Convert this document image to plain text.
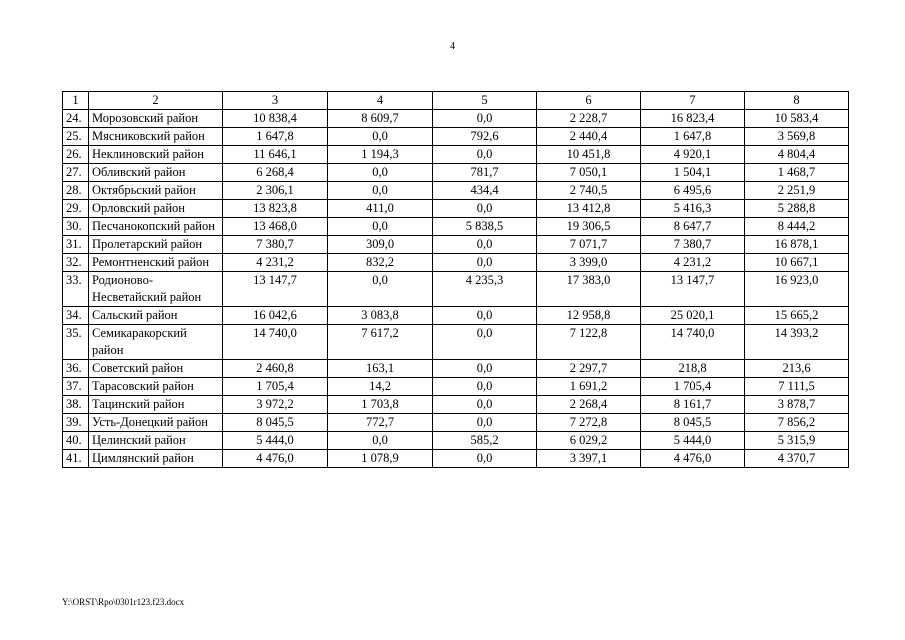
4
1	2	3	4	5	6	7	8
24.	Морозовский район	10 838,4	8 609,7	0,0	2 228,7	16 823,4	10 583,4
25.	Мясниковский район	1 647,8	0,0	792,6	2 440,4	1 647,8	3 569,8
26.	Неклиновский район	11 646,1	1 194,3	0,0	10 451,8	4 920,1	4 804,4
27.	Обливский район	6 268,4	0,0	781,7	7 050,1	1 504,1	1 468,7
28.	Октябрьский район	2 306,1	0,0	434,4	2 740,5	6 495,6	2 251,9
29.	Орловский район	13 823,8	411,0	0,0	13 412,8	5 416,3	5 288,8
30.	Песчанокопский район	13 468,0	0,0	5 838,5	19 306,5	8 647,7	8 444,2
31.	Пролетарский район	7 380,7	309,0	0,0	7 071,7	7 380,7	16 878,1
32.	Ремонтненский район	4 231,2	832,2	0,0	3 399,0	4 231,2	10 667,1
33.	Родионово-Несветайский район	13 147,7	0,0	4 235,3	17 383,0	13 147,7	16 923,0
34.	Сальский район	16 042,6	3 083,8	0,0	12 958,8	25 020,1	15 665,2
35.	Семикаракорский район	14 740,0	7 617,2	0,0	7 122,8	14 740,0	14 393,2
36.	Советский район	2 460,8	163,1	0,0	2 297,7	218,8	213,6
37.	Тарасовский район	1 705,4	14,2	0,0	1 691,2	1 705,4	7 111,5
38.	Тацинский район	3 972,2	1 703,8	0,0	2 268,4	8 161,7	3 878,7
39.	Усть-Донецкий район	8 045,5	772,7	0,0	7 272,8	8 045,5	7 856,2
40.	Целинский район	5 444,0	0,0	585,2	6 029,2	5 444,0	5 315,9
41.	Цимлянский район	4 476,0	1 078,9	0,0	3 397,1	4 476,0	4 370,7
Y:\ORST\Rpo\0301r123.f23.docx
